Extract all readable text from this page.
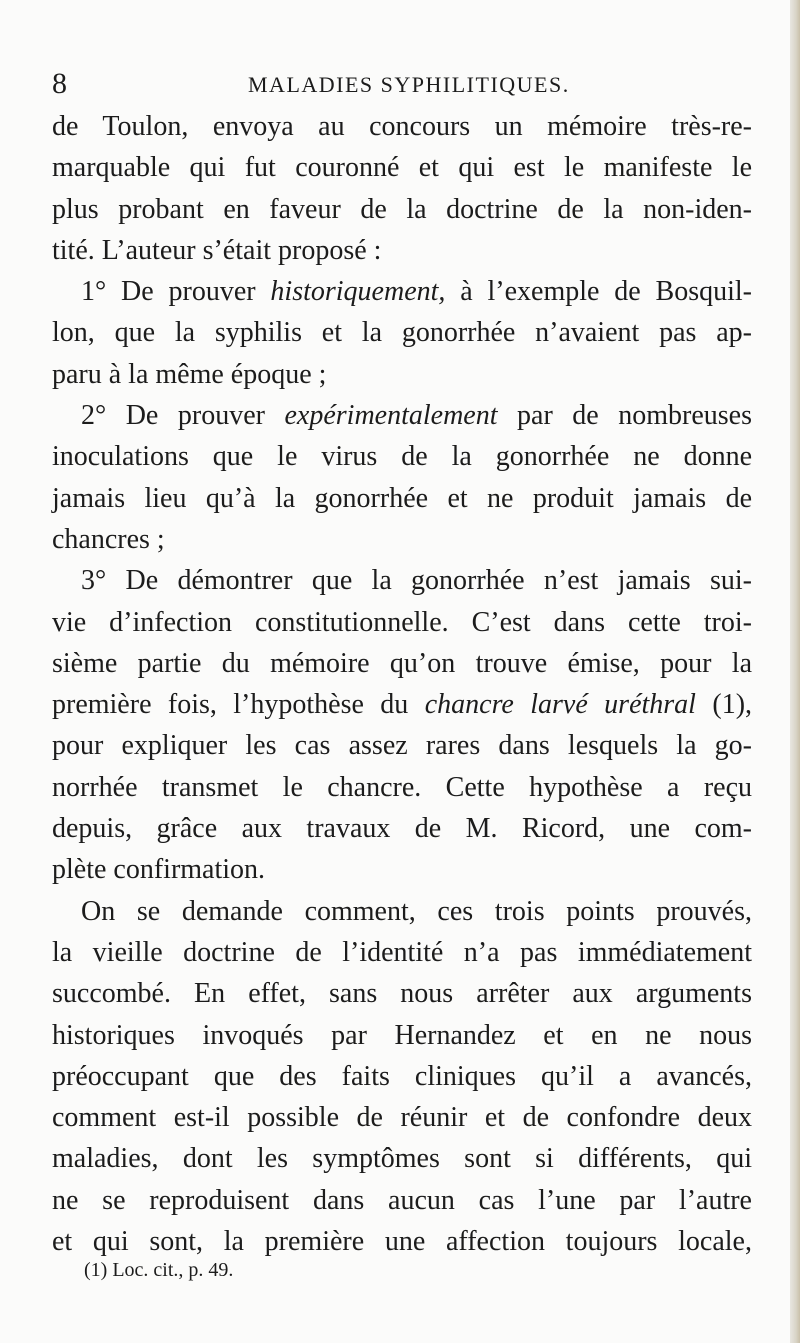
8	MALADIES SYPHILITIQUES.
de Toulon, envoya au concours un mémoire très-re-
marquable qui fut couronné et qui est le manifeste le
plus probant en faveur de la doctrine de la non-iden-
tité. L’auteur s’était proposé :
1° De prouver historiquement, à l’exemple de Bosquil-
lon, que la syphilis et la gonorrhée n’avaient pas ap-
paru à la même époque ;
2° De prouver expérimentalement par de nombreuses
inoculations que le virus de la gonorrhée ne donne
jamais lieu qu’à la gonorrhée et ne produit jamais de
chancres ;
3° De démontrer que la gonorrhée n’est jamais sui-
vie d’infection constitutionnelle. C’est dans cette troi-
sième partie du mémoire qu’on trouve émise, pour la
première fois, l’hypothèse du chancre larvé uréthral (1),
pour expliquer les cas assez rares dans lesquels la go-
norrhée transmet le chancre. Cette hypothèse a reçu
depuis, grâce aux travaux de M. Ricord, une com-
plète confirmation.
On se demande comment, ces trois points prouvés,
la vieille doctrine de l’identité n’a pas immédiatement
succombé. En effet, sans nous arrêter aux arguments
historiques invoqués par Hernandez et en ne nous
préoccupant que des faits cliniques qu’il a avancés,
comment est-il possible de réunir et de confondre deux
maladies, dont les symptômes sont si différents, qui
ne se reproduisent dans aucun cas l’une par l’autre
et qui sont, la première une affection toujours locale,
(1) Loc. cit., p. 49.
